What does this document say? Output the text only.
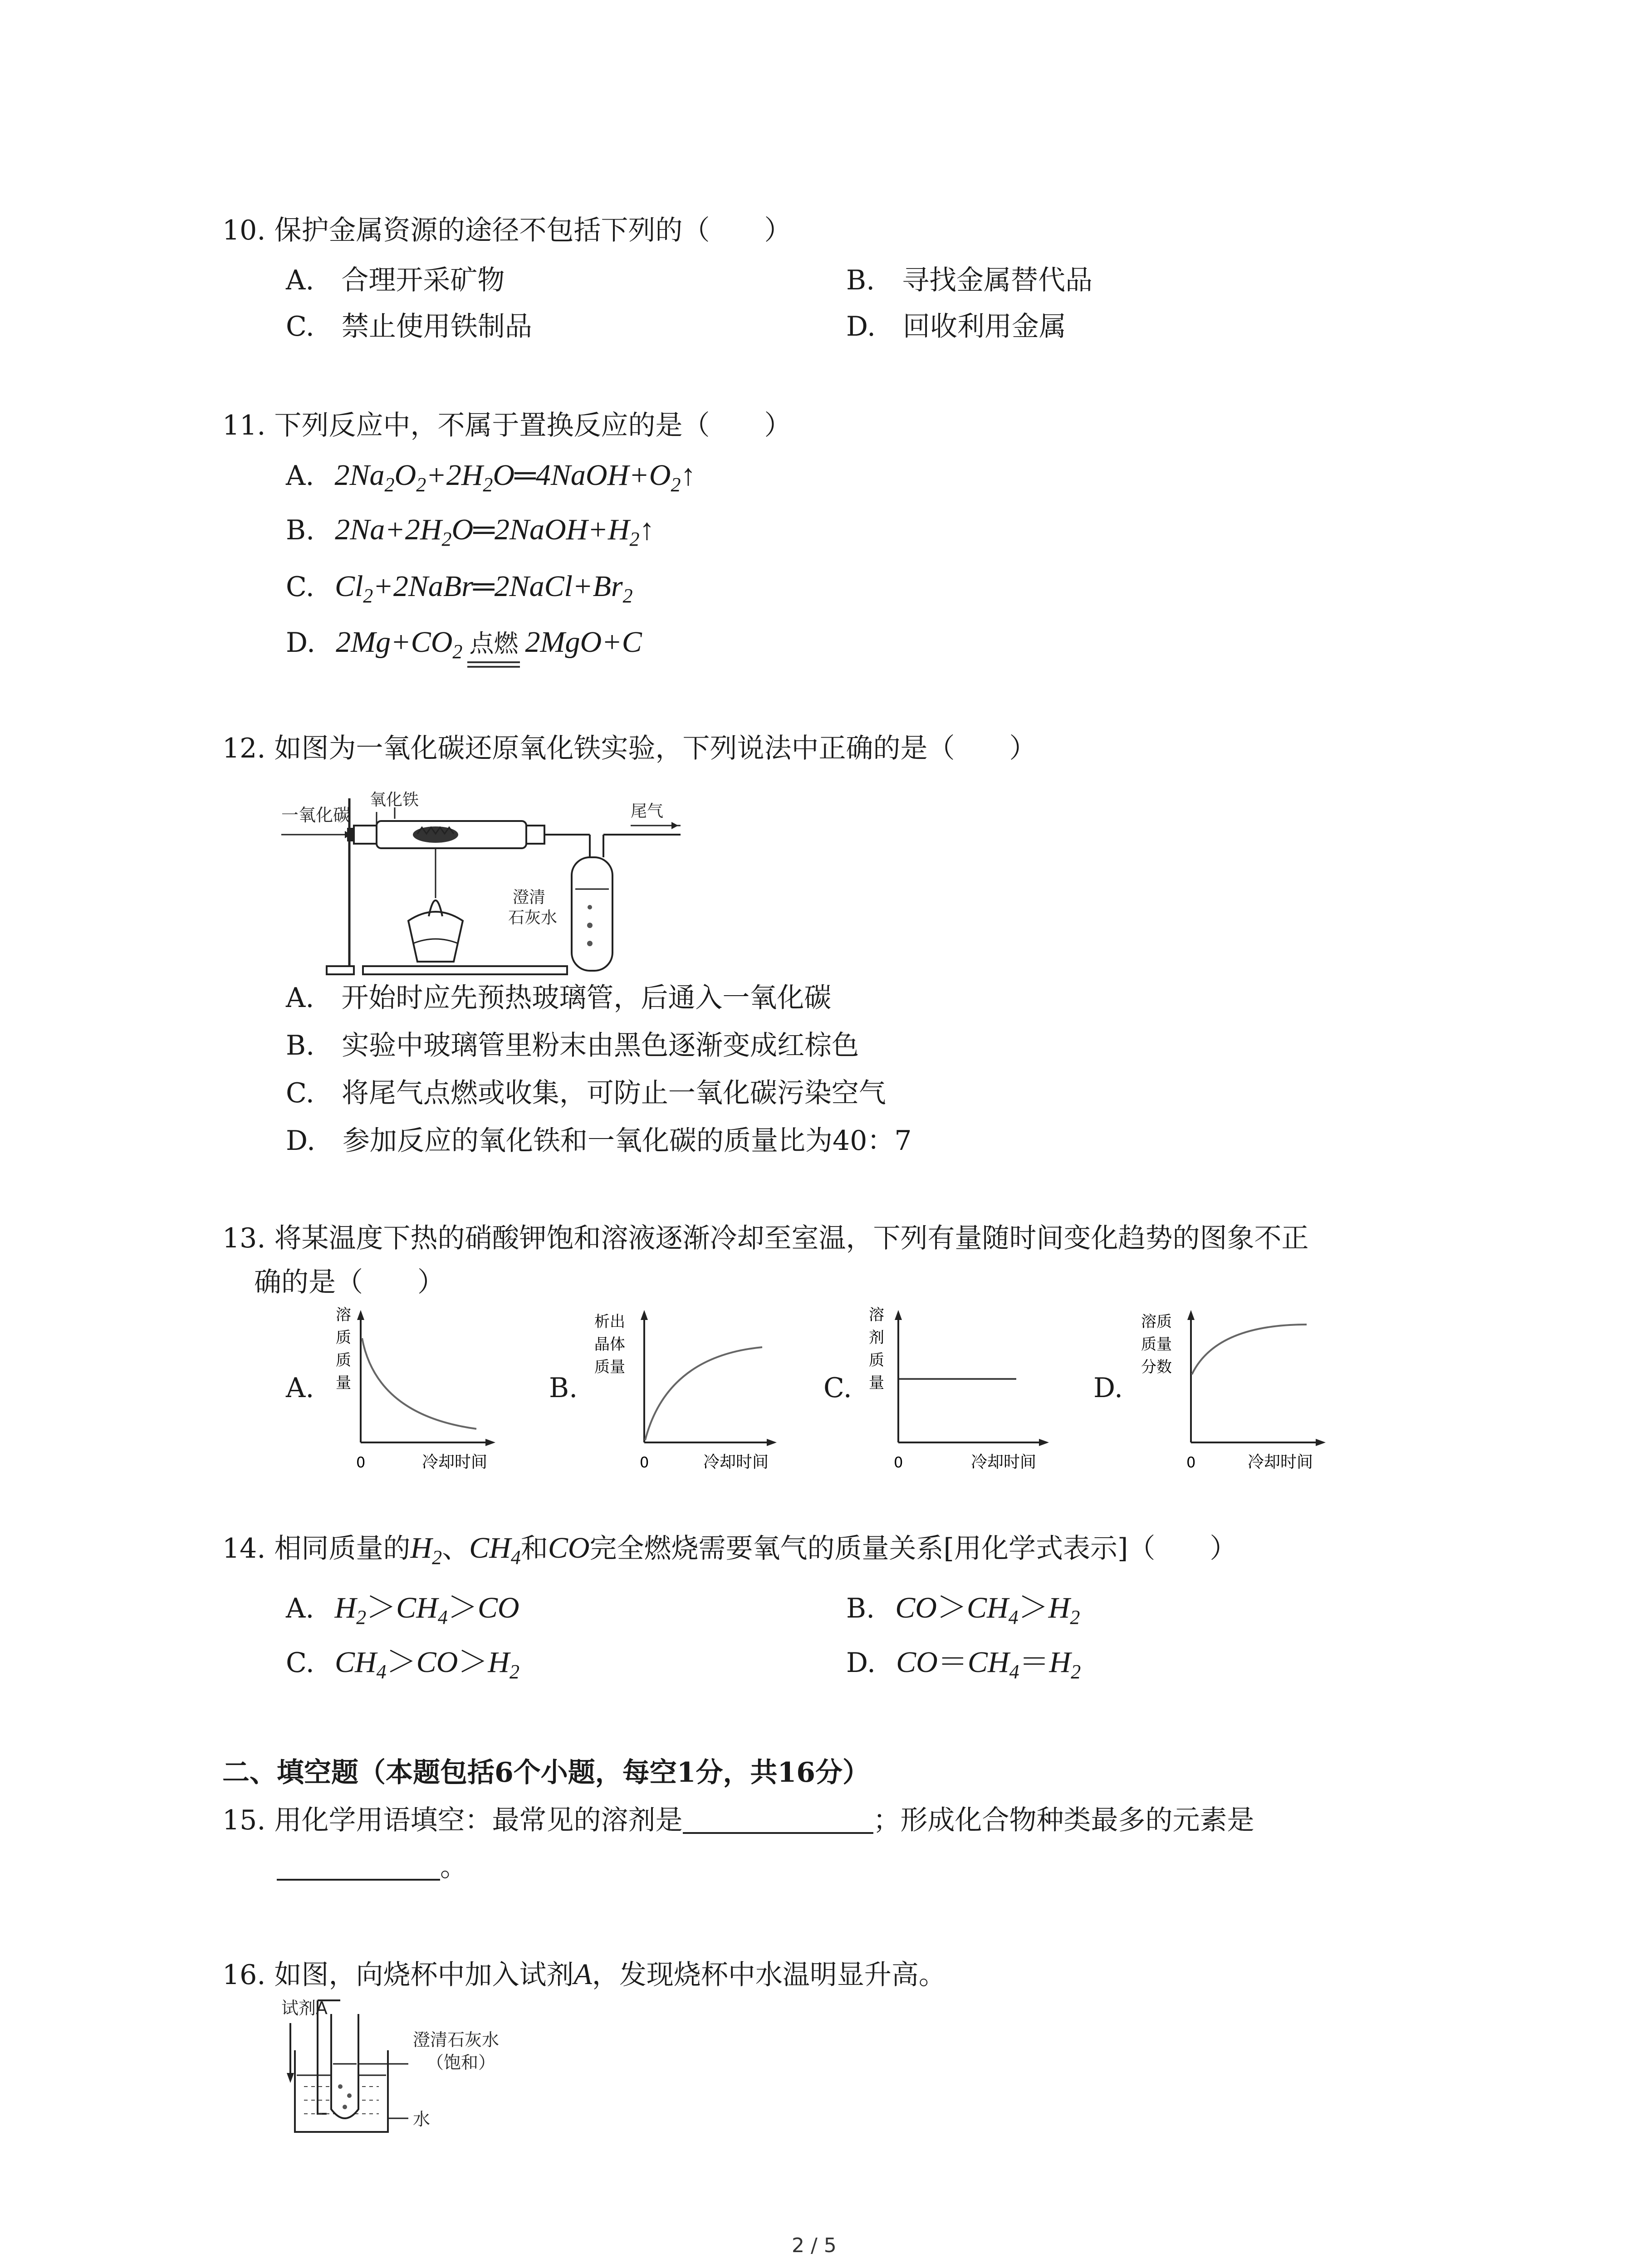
10. 保护金属资源的途径不包括下列的（　　）
A.　合理开采矿物	B.　寻找金属替代品
C.　禁止使用铁制品	D.　回收利用金属
11. 下列反应中，不属于置换反应的是（　　）
A. $2Na_2O_2+2H_2O═4NaOH+O_2↑$
B. $2Na+2H_2O═2NaOH+H_2↑$
C. $Cl_2+2NaBr═2NaCl+Br_2$
D. $2Mg+CO_2$ 点燃 2MgO+C
12. 如图为一氧化碳还原氧化铁实验，下列说法中正确的是（　　）
一氧化碳
氧化铁
尾气
澄清
石灰水
A.　开始时应先预热玻璃管，后通入一氧化碳
B.　实验中玻璃管里粉末由黑色逐渐变成红棕色
C.　将尾气点燃或收集，可防止一氧化碳污染空气
D.　参加反应的氧化铁和一氧化碳的质量比为40：7
13. 将某温度下热的硝酸钾饱和溶液逐渐冷却至室温，下列有量随时间变化趋势的图象不正
确的是（　　）
A.
溶
质
质
量
0	冷却时间
B.
析出
晶体
质量
0	冷却时间
C.
溶
剂
质
量
0	冷却时间
D.
溶质
质量
分数
0	冷却时间
14. 相同质量的$H_2$、$CH_4$和CO完全燃烧需要氧气的质量关系[用化学式表示]（　　）
A. $H_2>CH_4>CO$	B. $CO>CH_4>H_2$
C. $CH_4>CO>H_2$	D. $CO=CH_4=H_2$
二、填空题（本题包括6个小题，每空1分，共16分）
15. 用化学用语填空：最常见的溶剂是	；形成化合物种类最多的元素是
。
16. 如图，向烧杯中加入试剂A，发现烧杯中水温明显升高。
试剂A
澄清石灰水
（饱和）
水
2 / 5
